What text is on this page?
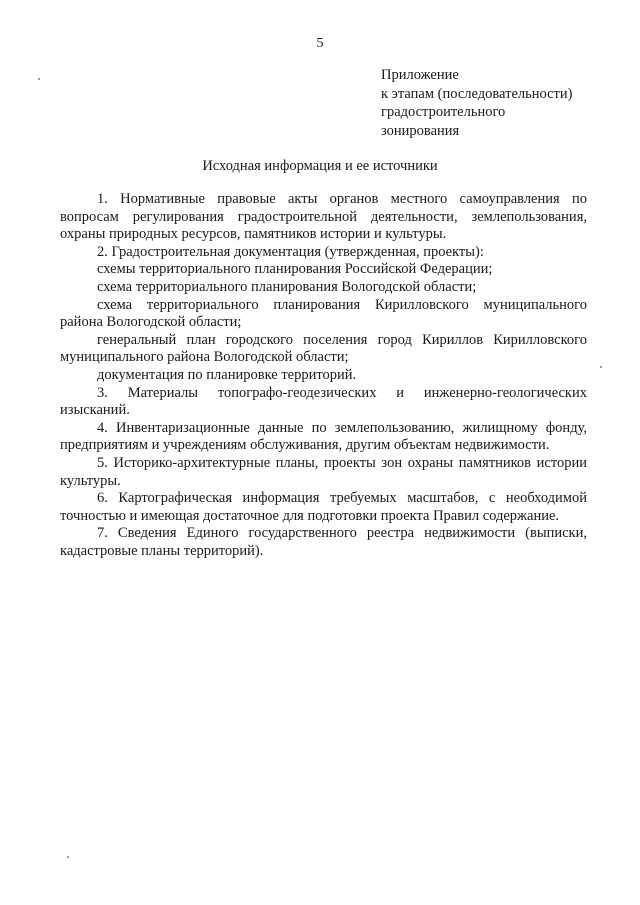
5
Приложение
к этапам (последовательности)
градостроительного
зонирования
Исходная информация и ее источники

1. Нормативные правовые акты органов местного самоуправления по вопросам регулирования градостроительной деятельности, землепользования, охраны природных ресурсов, памятников истории и культуры.

2. Градостроительная документация (утвержденная, проекты):

схемы территориального планирования Российской Федерации;

схема территориального планирования Вологодской области;

схема территориального планирования Кирилловского муниципального района Вологодской области;

генеральный план городского поселения город Кириллов Кирилловского муниципального района Вологодской области;

документация по планировке территорий.

3. Материалы топографо-геодезических и инженерно-геологических изысканий.

4. Инвентаризационные данные по землепользованию, жилищному фонду, предприятиям и учреждениям обслуживания, другим объектам недвижимости.

5. Историко-архитектурные планы, проекты зон охраны памятников истории культуры.

6. Картографическая информация требуемых масштабов, с необходимой точностью и имеющая достаточное для подготовки проекта Правил содержание.

7. Сведения Единого государственного реестра недвижимости (выписки, кадастровые планы территорий).
